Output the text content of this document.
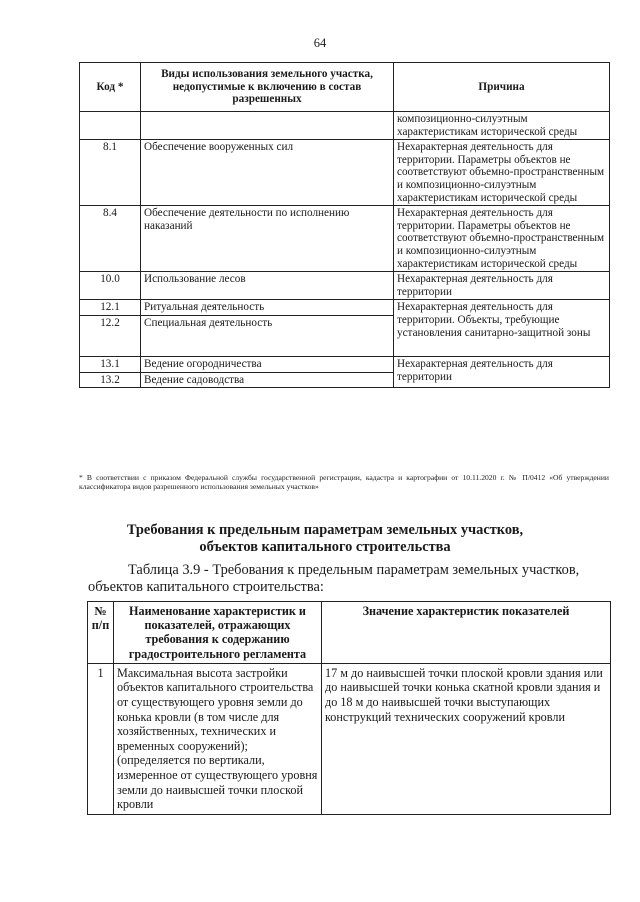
64
Код *	Виды использования земельного участка, недопустимые к включению в состав разрешенных	Причина
		композиционно-силуэтным характеристикам исторической среды
8.1	Обеспечение вооруженных сил	Нехарактерная деятельность для территории. Параметры объектов не соответствуют объемно-пространственным и композиционно-силуэтным характеристикам исторической среды
8.4	Обеспечение деятельности по исполнению наказаний	Нехарактерная деятельность для территории. Параметры объектов не соответствуют объемно-пространственным и композиционно-силуэтным характеристикам исторической среды
10.0	Использование лесов	Нехарактерная деятельность для территории
12.1	Ритуальная деятельность	Нехарактерная деятельность для территории. Объекты, требующие установления санитарно-защитной зоны
12.2	Специальная деятельность	
13.1	Ведение огородничества	Нехарактерная деятельность для территории
13.2	Ведение садоводства	
* В соответствии с приказом Федеральной службы государственной регистрации, кадастра и картографии от 10.11.2020 г. № П/0412 «Об утверждении классификатора видов разрешенного использования земельных участков»
Требования к предельным параметрам земельных участков,
объектов капитального строительства
Таблица 3.9 - Требования к предельным параметрам земельных участков,
объектов капитального строительства:
№ п/п	Наименование характеристик и показателей, отражающих требования к содержанию градостроительного регламента	Значение характеристик показателей
1	Максимальная высота застройки объектов капитального строительства от существующего уровня земли до конька кровли (в том числе для хозяйственных, технических и временных сооружений); (определяется по вертикали, измеренное от существующего уровня земли до наивысшей точки плоской кровли	17 м до наивысшей точки плоской кровли здания или до наивысшей точки конька скатной кровли здания и до 18 м до наивысшей точки выступающих конструкций технических сооружений кровли
